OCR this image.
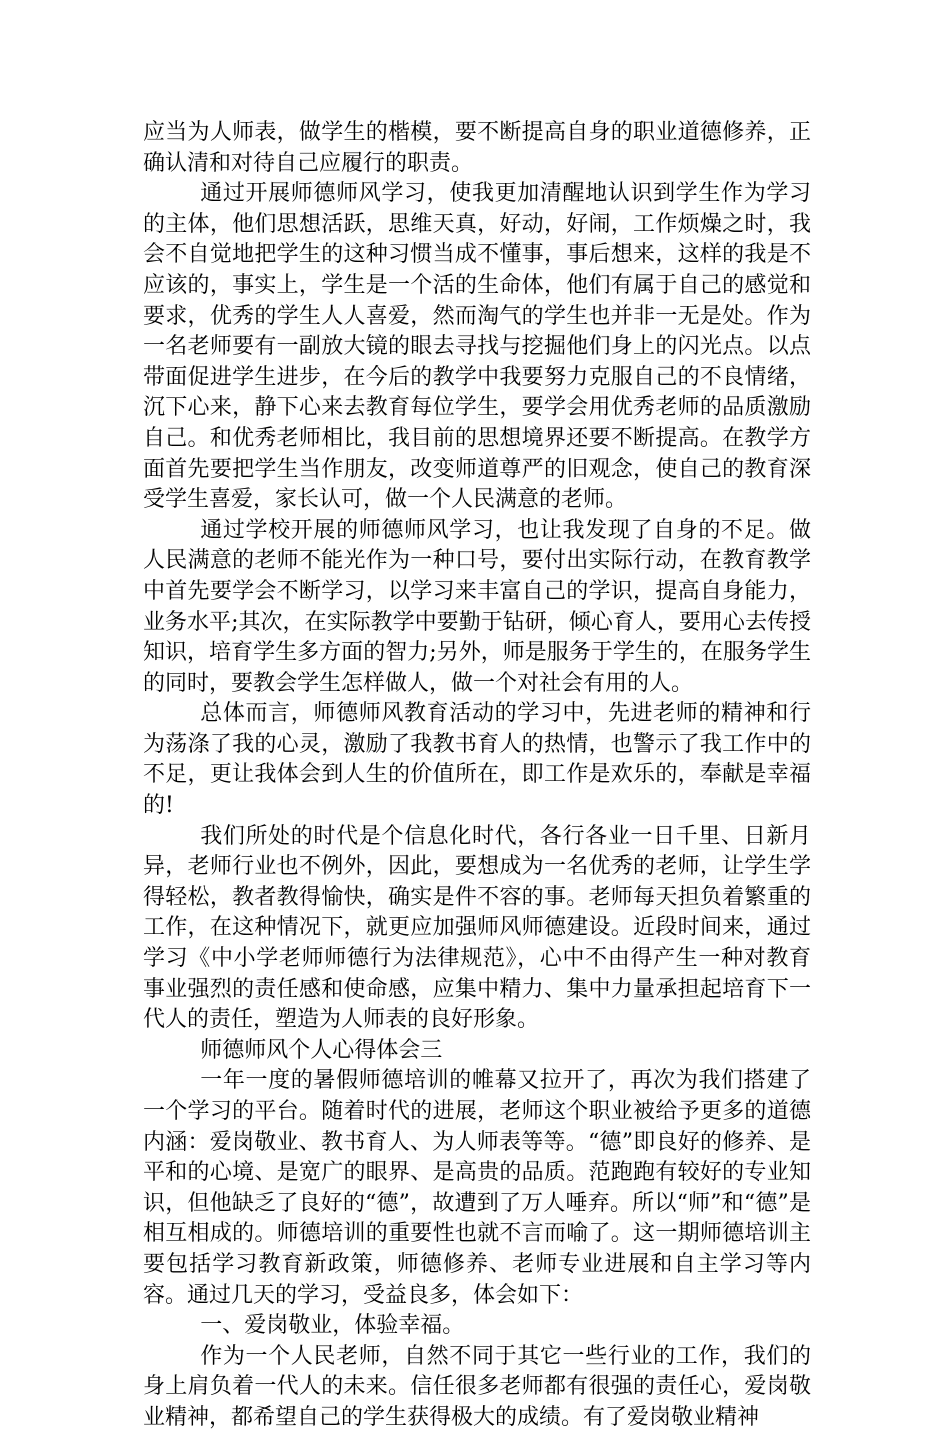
应当为人师表，做学生的楷模，要不断提高自身的职业道德修养，正确认清和对待自己应履行的职责。

通过开展师德师风学习，使我更加清醒地认识到学生作为学习的主体，他们思想活跃，思维天真，好动，好闹，工作烦燥之时，我会不自觉地把学生的这种习惯当成不懂事，事后想来，这样的我是不应该的，事实上，学生是一个活的生命体，他们有属于自己的感觉和要求，优秀的学生人人喜爱，然而淘气的学生也并非一无是处。作为一名老师要有一副放大镜的眼去寻找与挖掘他们身上的闪光点。以点带面促进学生进步，在今后的教学中我要努力克服自己的不良情绪，沉下心来，静下心来去教育每位学生，要学会用优秀老师的品质激励自己。和优秀老师相比，我目前的思想境界还要不断提高。在教学方面首先要把学生当作朋友，改变师道尊严的旧观念，使自己的教育深受学生喜爱，家长认可，做一个人民满意的老师。

通过学校开展的师德师风学习，也让我发现了自身的不足。做人民满意的老师不能光作为一种口号，要付出实际行动，在教育教学中首先要学会不断学习，以学习来丰富自己的学识，提高自身能力，业务水平;其次，在实际教学中要勤于钻研，倾心育人，要用心去传授知识，培育学生多方面的智力;另外，师是服务于学生的，在服务学生的同时，要教会学生怎样做人，做一个对社会有用的人。

总体而言，师德师风教育活动的学习中，先进老师的精神和行为荡涤了我的心灵，激励了我教书育人的热情，也警示了我工作中的不足，更让我体会到人生的价值所在，即工作是欢乐的，奉献是幸福的!

我们所处的时代是个信息化时代，各行各业一日千里、日新月异，老师行业也不例外，因此，要想成为一名优秀的老师，让学生学得轻松，教者教得愉快，确实是件不容的事。老师每天担负着繁重的工作，在这种情况下，就更应加强师风师德建设。近段时间来，通过学习《中小学老师师德行为法律规范》，心中不由得产生一种对教育事业强烈的责任感和使命感，应集中精力、集中力量承担起培育下一代人的责任，塑造为人师表的良好形象。

师德师风个人心得体会三

一年一度的暑假师德培训的帷幕又拉开了，再次为我们搭建了一个学习的平台。随着时代的进展，老师这个职业被给予更多的道德内涵：爱岗敬业、教书育人、为人师表等等。“德”即良好的修养、是平和的心境、是宽广的眼界、是高贵的品质。范跑跑有较好的专业知识，但他缺乏了良好的“德”，故遭到了万人唾弃。所以“师”和“德”是相互相成的。师德培训的重要性也就不言而喻了。这一期师德培训主要包括学习教育新政策，师德修养、老师专业进展和自主学习等内容。通过几天的学习，受益良多，体会如下：

一、爱岗敬业，体验幸福。

作为一个人民老师，自然不同于其它一些行业的工作，我们的身上肩负着一代人的未来。信任很多老师都有很强的责任心，爱岗敬业精神，都希望自己的学生获得极大的成绩。有了爱岗敬业精神
